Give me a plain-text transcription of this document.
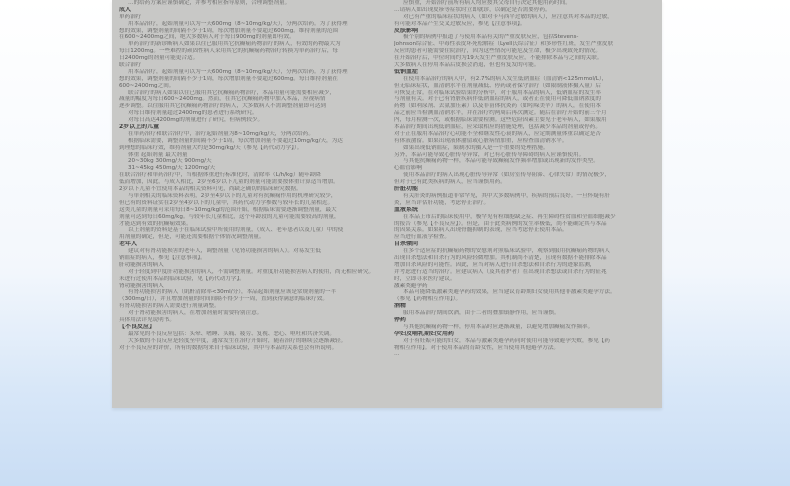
…的给药方案应谨慎确定，并参考相应指导原则，合理调整剂量。
成人
单药治疗
用本品治疗，起始剂量可以为一天600mg（8~10mg/kg/天），分两次给药。为了获得理
想的效果，调整剂量的间隔不少于1周，每次增加剂量不要超过600mg。维持剂量的范围
在600~2400mg之间，绝大多数病人对于每日900mg的剂量即有效。
单药治疗的新诊断病人如果以往已服用其它抗癫痫药物治疗的病人，有效的药物最大为
每日1200mg。一些难控的顽固性病人采用其它的抗癫痫药物治疗转换为单药治疗后，每
日2400mg的剂量可能更合适。
联合治疗
用本品治疗，起始剂量可以为一天600mg（8~10mg/kg/天），分两次给药。为了获得理
想的效果，调整剂量的间隔不少于1周，每次增加剂量不要超过600mg。每日维持剂量在
600~2400mg之间。
联合治疗的病人如果以往已服用其它抗癫痫药物治疗，本品用量可能需要相应减少，
减量的幅度为每日600~2400mg。然而，在其它抗癫痫药物中加入本品，应视病情
逐步调整。以往服用其它抗癫痫药物治疗的病人，大多数病人不需调整剂量即可达到
对每日维持剂量超过2400mg的患者进行系统研究。
对每日高达4200mg的剂量进行了研究，但病例较少。
2岁以上的儿童
在单药治疗和联合治疗中，治疗起始剂量为8~10mg/kg/天，分两次给药。
根据临床需要，调整剂量的间隔不少于1周，每次增加剂量不要超过10mg/kg/天，为达
到理想的临床疗效，维持剂量大约是30mg/kg/天（参见【药代动力学】）。
体重 起始剂量 最大剂量
20~30kg 300mg/天 900mg/天
31~45kg 450mg/天 1200mg/天
在联合治疗和单药治疗中，当根据体重进行标准化时，清除率（L/h/kg）随年龄降
低而增加，因此，与成人相比，2岁至6岁以下儿童的剂量可能需要按体重计算适当增加。
2岁以下儿童不宜使用本品的相关资料可见，尚缺乏确切的临床研究数据。
与单剂相关的临床资料表明，2岁至4岁以下的儿童对有抗癫痫作用的机理研究较少，
但已有的资料证实在2岁至4岁以下的儿童中，其药代动力学参数与较年长的儿童相近。
这类儿童的剂量可采用每日8~10mg/kg的范围开始，根据临床需要逐渐调整剂量，最大
剂量可达到每日60mg/kg。与较年长儿童相比，这个年龄段的儿童可能需要较高的剂量，
才能达到有效的抗癫痫效果。
以上剂量的资料是基于在临床试验中所使用的剂量，（成人、老年患者以及儿童）中的使
用剂量的确定，但是，可能还需要根据个体情况调整剂量。
老年人
建议对有肾功能损害的老年人，调整剂量（见肾功能损害的病人）。对易发生低
钠血症的病人，参见【注意事项】。
肝功能损害的病人
对于轻度到中度肝功能损害的病人，不需调整剂量。对重度肝功能损害病人的使用，尚无相应研究。
未进行过使用本品的临床试验，见【药代动力学】。
肾功能损害的病人
有肾功能损害的病人（肌酐清除率<30ml/分），本品起始剂量应该是常规剂量的一半
（300mg/日），并且增加剂量的时间间隔不得少于一周，直到获得满意的临床疗效。
有肾功能损害的病人需要进行剂量调整。
对于肾功能损害的病人，在增加剂量时需要特别注意。
具体用法详见说明书。
【不良反应】
最常见的不良反应包括：头晕、嗜睡、头痛、疲劳、复视、恶心、呕吐和共济失调。
大多数的不良反应是轻度至中度，通常发生在治疗开始时，随着治疗的继续会逐渐减轻。
对于不良反应的评价，所有的数据均来自于临床试验，其中与本品的关系也会有所说明。
应慎重，开始治疗前所有病人均应按其父母自行决定其他用药时间。
…请病人如出现皮疹等症状时立即就诊，以确定是否需要停药。
对已有严重的临床症状的病人（如对卡马西平过敏的病人），应注意其对本品的过敏，
有可能对本品产生交叉过敏反应，参见【注意事项】。
皮肤影响
极个别的病例中报道了与使用本品有关的严重皮肤反应，包括Stevens-
Johnson综合征、中毒性表皮坏死松解症（Lyell氏综合征）和多形性红斑，发生严重皮肤
反应的患者可能需要住院治疗，因为这些情况可能危及生命，极少出现致死的情况。
在开始治疗后，中位时间约为19天发生严重皮肤反应，不能排除本品与之间的关联。
大多数病人在停用本品后皮损会消退，但也有复发的可能。
低钠血症
在使用本品治疗的病人中，有2.7%的病人发生低钠血症（血清钠<125mmol/L），
但无临床症状，血清钠水平在剂量减低、停药或者保守治疗（如限制液体摄入量）后
可恢复正常。在对临床试验结果的分析中，对于服用本品的病人，低钠血症的发生率
与剂量有关。对于已有肾脏疾病伴低钠血症的病人，或者正在使用可降低血钠浓度的
药物（如利尿剂、去氨加压素）以及非甾体抗炎药（如吲哚美辛）的病人，在使用本
品之前应当检测血清钠水平，并在治疗约两周后再次测定。随后在治疗开始的前三个月
内，每月检测一次，或根据临床需要检测。这些危险因素主要见于老年病人，如果服用
本品治疗期间出现低钠血症，应采取相应的措施处理，包括减少本品的剂量或停药。
对于正在服用本品治疗心功能不全和继发性心衰的病人，应定期测量体重以确定是否
有体液潴留。如果出现液体潴留或心脏病情加重，应检查血清钠水平。
如果出现低钠血症，限制水的摄入是一个重要的处理措施。
另外，本品可能导致心脏传导异常，对已有心脏传导障碍的病人应谨慎使用。
与其他抗癫痫药物一样，本品可能导致癫痫发作频率增加或出现新的发作类型。
心血管影响
使用本品治疗的病人出现心脏传导异常（如房室传导阻滞、心律失常）的情况极少，
但对于已有此类疾病的病人，应当谨慎用药。
肝脏功能
有关肝炎的病例报道非常罕见，其中大多数病例中，疾病的预后良好。一旦怀疑有肝
炎，应当评估肝功能，考虑停止治疗。
血液系统
在本品上市后的临床使用中，极罕见有粒细胞缺乏症、再生障碍性贫血和全血细胞减少
的报告（参见【不良反应】）。但是，由于此类病例的发生率极低，尚不能确定其与本品
的因果关系。如果病人出现骨髓抑制的表现，应当考虑停止使用本品。
应当进行血液学检查。
自杀倾向
在多个适应症的抗癫痫药物的安慰剂对照临床试验中，观察到服用抗癫痫药物的病人
出现自杀想法和自杀行为的风险轻微增加。其机制尚不清楚，且现有数据不能排除本品
增加自杀风险的可能性。因此，应当对病人进行自杀想法和自杀行为的迹象监测，
并考虑进行适当的治疗。应建议病人（及其看护者）在出现自杀想法或自杀行为的征兆
时，立即寻求医疗建议。
激素类避孕药
本品可能降低激素类避孕药的效果，应当建议育龄期妇女使用其他非激素类避孕方法。
（参见【药物相互作用】）。
酒精
服用本品治疗期间饮酒，由于二者的叠加镇静作用，应当谨慎。
停药
与其他抗癫痫药物一样，停用本品时应逐渐减量，以避免增加癫痫发作频率。
孕妇及哺乳期妇女用药
对于有妊娠可能的妇女，本品与激素类避孕药同时使用可能导致避孕失败，参见【药
物相互作用】。对于使用本品的育龄女性，应当使用其他避孕方法。
…
